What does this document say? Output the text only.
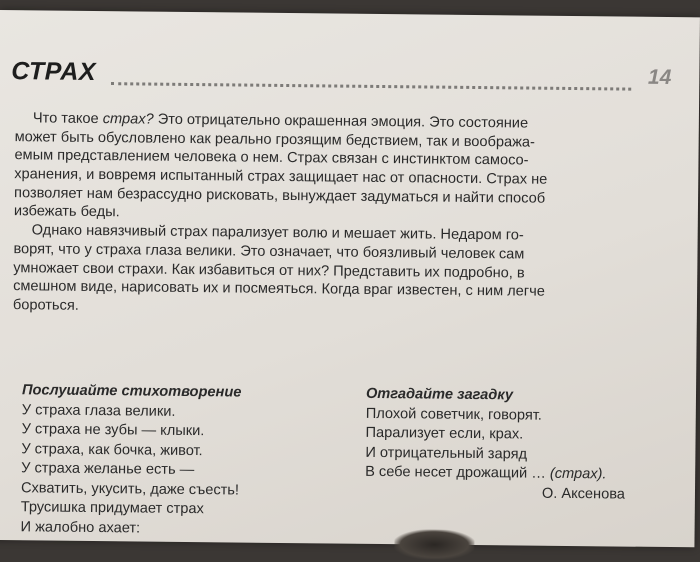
СТРАХ	14
Что такое страх? Это отрицательно окрашенная эмоция. Это состояние
может быть обусловлено как реально грозящим бедствием, так и вообража-
емым представлением человека о нем. Страх связан с инстинктом самосо-
хранения, и вовремя испытанный страх защищает нас от опасности. Страх не
позволяет нам безрассудно рисковать, вынуждает задуматься и найти способ
избежать беды.
Однако навязчивый страх парализует волю и мешает жить. Недаром го-
ворят, что у страха глаза велики. Это означает, что боязливый человек сам
умножает свои страхи. Как избавиться от них? Представить их подробно, в
смешном виде, нарисовать их и посмеяться. Когда враг известен, с ним легче
бороться.
Послушайте стихотворение
У страха глаза велики.
У страха не зубы — клыки.
У страха, как бочка, живот.
У страха желанье есть —
Схватить, укусить, даже съесть!
Трусишка придумает страх
И жалобно ахает:
Отгадайте загадку
Плохой советчик, говорят.
Парализует если, крах.
И отрицательный заряд
В себе несет дрожащий … (страх).
О. Аксенова
